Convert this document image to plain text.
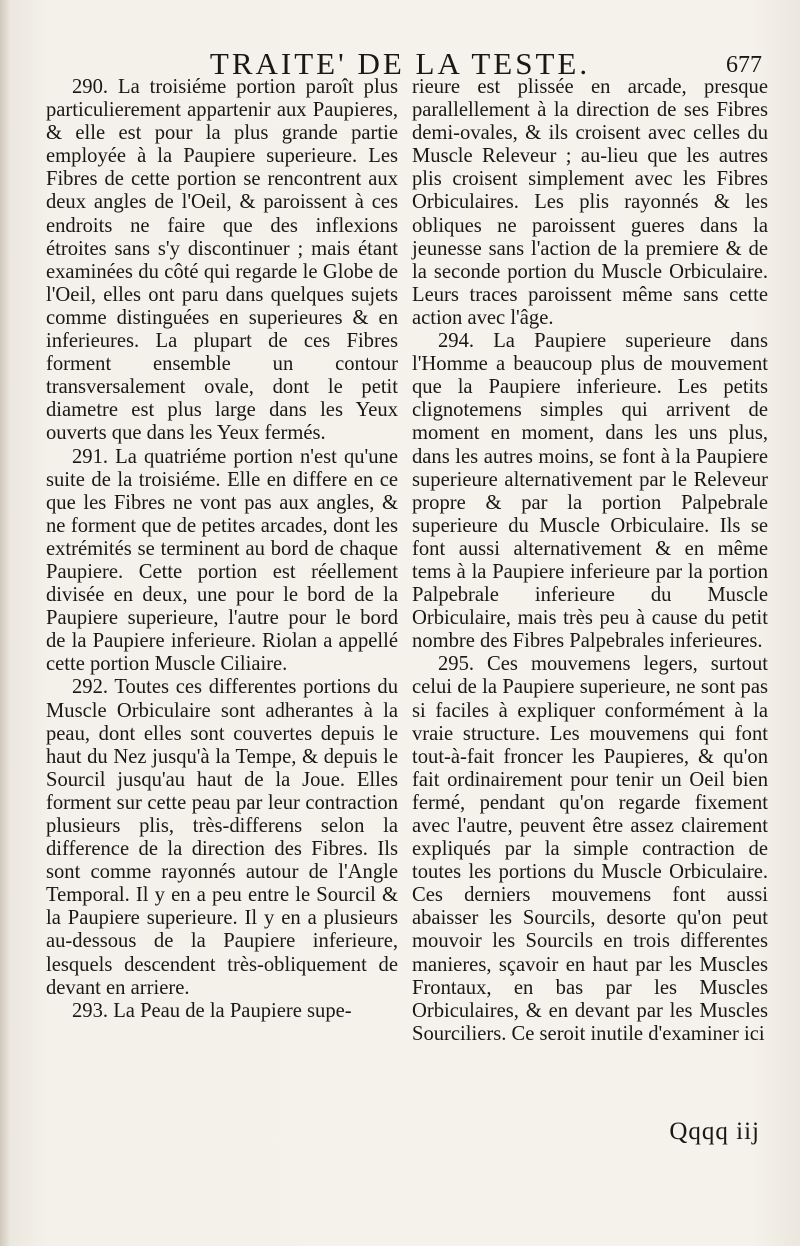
TRAITE' DE LA TESTE.	677

290. La troisiéme portion paroît plus particulierement appartenir aux Paupieres, & elle est pour la plus grande partie employée à la Paupiere superieure. Les Fibres de cette portion se rencontrent aux deux angles de l'Oeil, & paroissent à ces endroits ne faire que des inflexions étroites sans s'y discontinuer ; mais étant examinées du côté qui regarde le Globe de l'Oeil, elles ont paru dans quelques sujets comme distinguées en superieures & en inferieures. La plupart de ces Fibres forment ensemble un contour transversalement ovale, dont le petit diametre est plus large dans les Yeux ouverts que dans les Yeux fermés.

291. La quatriéme portion n'est qu'une suite de la troisiéme. Elle en differe en ce que les Fibres ne vont pas aux angles, & ne forment que de petites arcades, dont les extrémités se terminent au bord de chaque Paupiere. Cette portion est réellement divisée en deux, une pour le bord de la Paupiere superieure, l'autre pour le bord de la Paupiere inferieure. Riolan a appellé cette portion Muscle Ciliaire.

292. Toutes ces differentes portions du Muscle Orbiculaire sont adherantes à la peau, dont elles sont couvertes depuis le haut du Nez jusqu'à la Tempe, & depuis le Sourcil jusqu'au haut de la Joue. Elles forment sur cette peau par leur contraction plusieurs plis, très-differens selon la difference de la direction des Fibres. Ils sont comme rayonnés autour de l'Angle Temporal. Il y en a peu entre le Sourcil & la Paupiere superieure. Il y en a plusieurs au-dessous de la Paupiere inferieure, lesquels descendent très-obliquement de devant en arriere.

293. La Peau de la Paupiere supe-

rieure est plissée en arcade, presque parallellement à la direction de ses Fibres demi-ovales, & ils croisent avec celles du Muscle Releveur ; au-lieu que les autres plis croisent simplement avec les Fibres Orbiculaires. Les plis rayonnés & les obliques ne paroissent gueres dans la jeunesse sans l'action de la premiere & de la seconde portion du Muscle Orbiculaire. Leurs traces paroissent même sans cette action avec l'âge.

294. La Paupiere superieure dans l'Homme a beaucoup plus de mouvement que la Paupiere inferieure. Les petits clignotemens simples qui arrivent de moment en moment, dans les uns plus, dans les autres moins, se font à la Paupiere superieure alternativement par le Releveur propre & par la portion Palpebrale superieure du Muscle Orbiculaire. Ils se font aussi alternativement & en même tems à la Paupiere inferieure par la portion Palpebrale inferieure du Muscle Orbiculaire, mais très peu à cause du petit nombre des Fibres Palpebrales inferieures.

295. Ces mouvemens legers, surtout celui de la Paupiere superieure, ne sont pas si faciles à expliquer conformément à la vraie structure. Les mouvemens qui font tout-à-fait froncer les Paupieres, & qu'on fait ordinairement pour tenir un Oeil bien fermé, pendant qu'on regarde fixement avec l'autre, peuvent être assez clairement expliqués par la simple contraction de toutes les portions du Muscle Orbiculaire. Ces derniers mouvemens font aussi abaisser les Sourcils, desorte qu'on peut mouvoir les Sourcils en trois differentes manieres, sçavoir en haut par les Muscles Frontaux, en bas par les Muscles Orbiculaires, & en devant par les Muscles Sourciliers. Ce seroit inutile d'examiner ici

Qqqq iij
